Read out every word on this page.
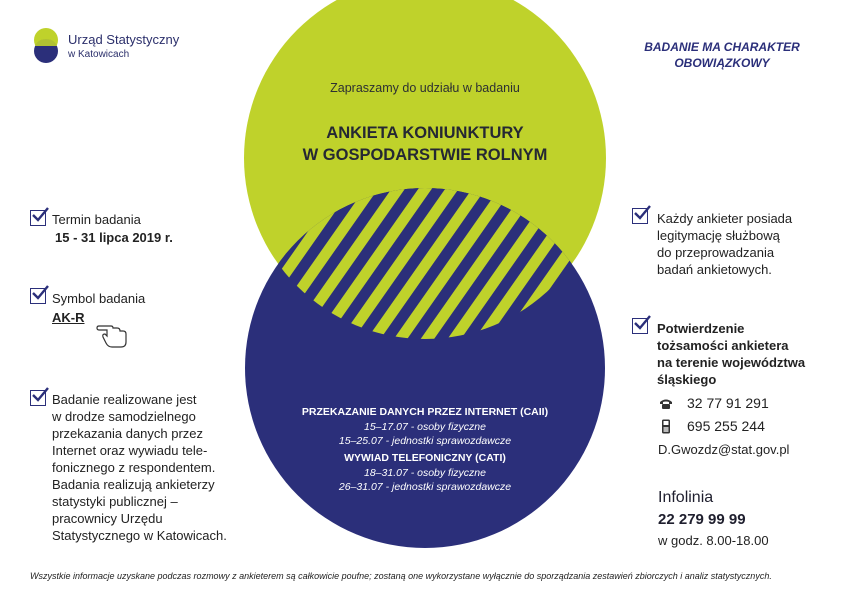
Urząd Statystyczny
w Katowicach
BADANIE MA CHARAKTER
OBOWIĄZKOWY
Zapraszamy do udziału w badaniu
ANKIETA KONIUNKTURY
W GOSPODARSTWIE ROLNYM
Termin badania
15 - 31 lipca 2019 r.
Symbol badania
AK-R
Badanie realizowane jest
w drodze samodzielnego
przekazania danych przez
Internet oraz wywiadu tele-
fonicznego z respondentem.
Badania realizują ankieterzy
statystyki publicznej –
pracownicy Urzędu
Statystycznego w Katowicach.
PRZEKAZANIE DANYCH PRZEZ INTERNET (CAII)
15–17.07 - osoby fizyczne
15–25.07 - jednostki sprawozdawcze
WYWIAD TELEFONICZNY (CATI)
18–31.07 - osoby fizyczne
26–31.07 - jednostki sprawozdawcze
Każdy ankieter posiada
legitymację służbową
do przeprowadzania
badań ankietowych.
Potwierdzenie
tożsamości ankietera
na terenie województwa
śląskiego
32 77 91 291
695 255 244
D.Gwozdz@stat.gov.pl
Infolinia
22 279 99 99
w godz. 8.00-18.00
Wszystkie informacje uzyskane podczas rozmowy z ankieterem są całkowicie poufne; zostaną one wykorzystane wyłącznie do sporządzania zestawień zbiorczych i analiz statystycznych.
